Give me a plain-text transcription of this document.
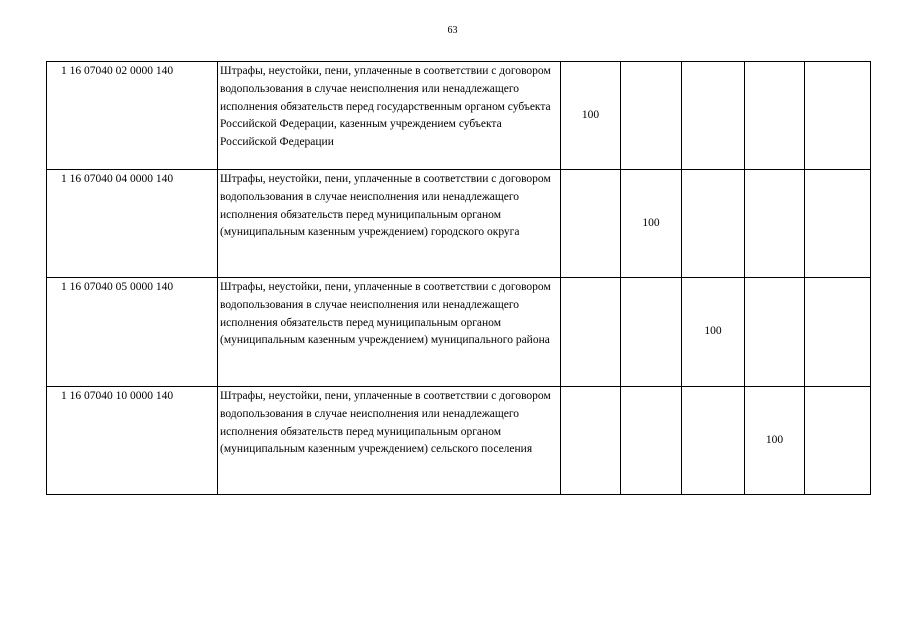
63
1 16 07040 02 0000 140	Штрафы, неустойки, пени, уплаченные в соответствии с договором водопользования в случае неисполнения или ненадлежащего исполнения обязательств перед государственным органом субъекта Российской Федерации, казенным учреждением субъекта Российской Федерации	100				
1 16 07040 04 0000 140	Штрафы, неустойки, пени, уплаченные в соответствии с договором водопользования в случае неисполнения или ненадлежащего исполнения обязательств перед муниципальным органом (муниципальным казенным учреждением) городского округа		100			
1 16 07040 05 0000 140	Штрафы, неустойки, пени, уплаченные в соответствии с договором водопользования в случае неисполнения или ненадлежащего исполнения обязательств перед муниципальным органом (муниципальным казенным учреждением) муниципального района			100		
1 16 07040 10 0000 140	Штрафы, неустойки, пени, уплаченные в соответствии с договором водопользования в случае неисполнения или ненадлежащего исполнения обязательств перед муниципальным органом (муниципальным казенным учреждением) сельского поселения				100	
